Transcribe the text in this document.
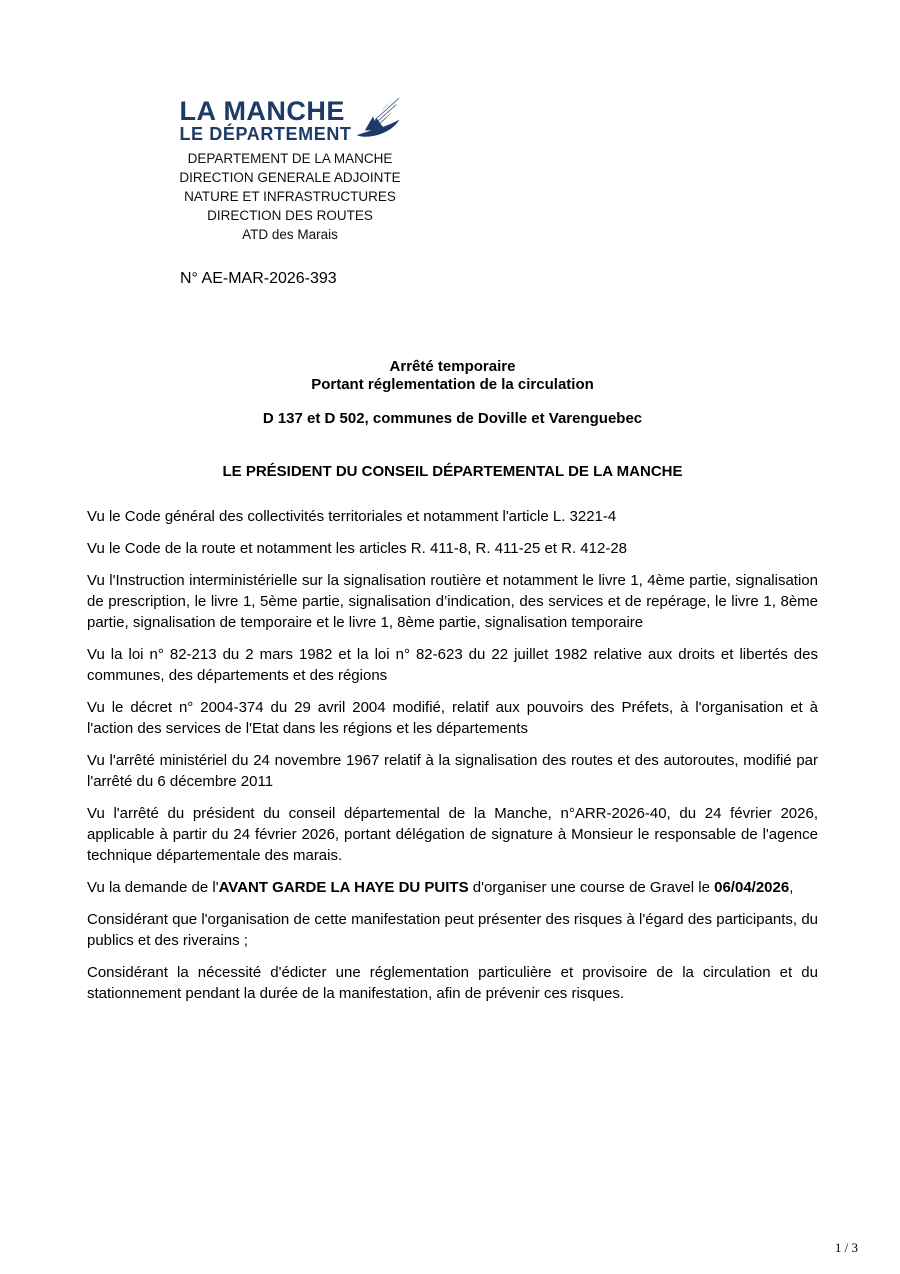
LA MANCHE
LE DÉPARTEMENT
DEPARTEMENT DE LA MANCHE
DIRECTION GENERALE ADJOINTE
NATURE ET INFRASTRUCTURES
DIRECTION DES ROUTES
ATD des Marais
N° AE-MAR-2026-393
Arrêté temporaire
Portant réglementation de la circulation
D 137 et D 502, communes de Doville et Varenguebec
LE PRÉSIDENT DU CONSEIL DÉPARTEMENTAL DE LA MANCHE

Vu le Code général des collectivités territoriales et notamment l'article L. 3221-4

Vu le Code de la route et notamment les articles R. 411-8, R. 411-25 et R. 412-28

Vu l'Instruction interministérielle sur la signalisation routière et notamment le livre 1, 4ème partie, signalisation de prescription, le livre 1, 5ème partie, signalisation d’indication, des services et de repérage, le livre 1, 8ème partie, signalisation de temporaire et le livre 1, 8ème partie, signalisation temporaire

Vu la loi n° 82-213 du 2 mars 1982 et la loi n° 82-623 du 22 juillet 1982 relative aux droits et libertés des communes, des départements et des régions

Vu le décret n° 2004-374 du 29 avril 2004 modifié, relatif aux pouvoirs des Préfets, à l'organisation et à l'action des services de l'Etat dans les régions et les départements

Vu l'arrêté ministériel du 24 novembre 1967 relatif à la signalisation des routes et des autoroutes, modifié par l'arrêté du 6 décembre 2011

Vu l'arrêté du président du conseil départemental de la Manche, n°ARR-2026-40, du 24 février 2026, applicable à partir du 24 février 2026, portant délégation de signature à Monsieur le responsable de l'agence technique départementale des marais.

Vu la demande de l'AVANT GARDE LA HAYE DU PUITS d'organiser une course de Gravel le 06/04/2026,

Considérant que l'organisation de cette manifestation peut présenter des risques à l'égard des participants, du publics et des riverains ;

Considérant la nécessité d'édicter une réglementation particulière et provisoire de la circulation et du stationnement pendant la durée de la manifestation, afin de prévenir ces risques.

1 / 3
